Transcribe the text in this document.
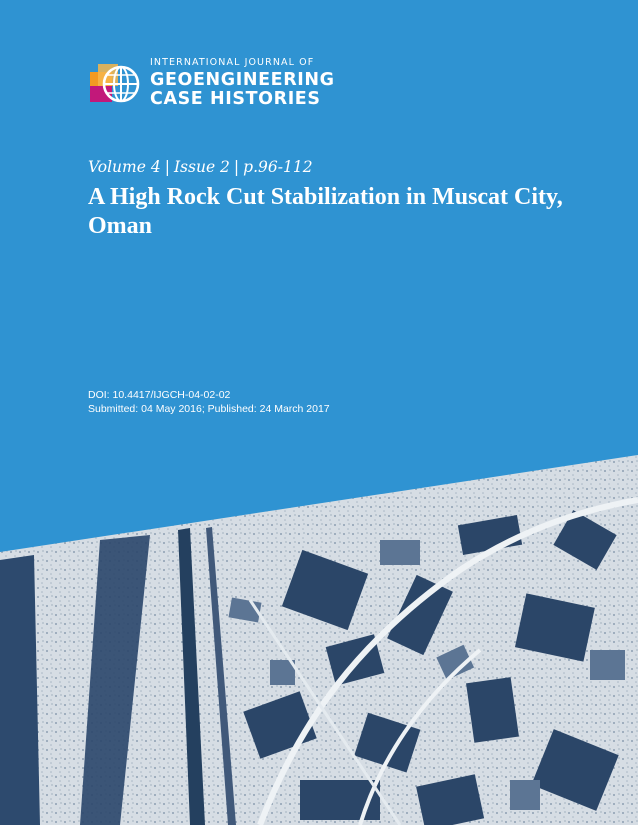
INTERNATIONAL JOURNAL OF
GEOENGINEERING
CASE HISTORIES
Volume 4 | Issue 2 | p.96-112
A High Rock Cut Stabilization in Muscat City, Oman
DOI: 10.4417/IJGCH-04-02-02
Submitted: 04 May 2016; Published: 24 March 2017
